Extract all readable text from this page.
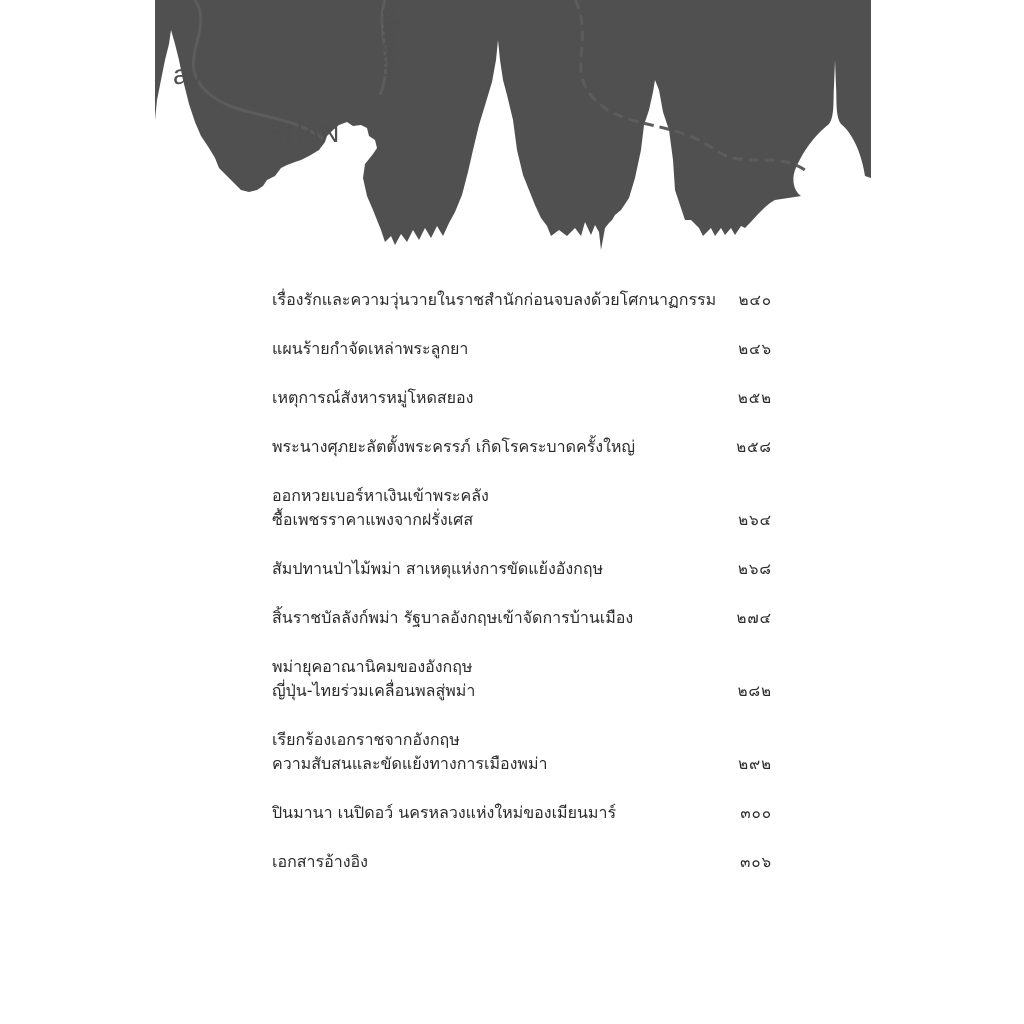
ay
SHAN
alween
เรื่องรักและความวุ่นวายในราชสำนักก่อนจบลงด้วยโศกนาฏกรรม	๒๔๐
แผนร้ายกำจัดเหล่าพระลูกยา	๒๔๖
เหตุการณ์สังหารหมู่โหดสยอง	๒๕๒
พระนางศุภยะลัตตั้งพระครรภ์ เกิดโรคระบาดครั้งใหญ่	๒๕๘
ออกหวยเบอร์หาเงินเข้าพระคลัง
ซื้อเพชรราคาแพงจากฝรั่งเศส	๒๖๔
สัมปทานป่าไม้พม่า สาเหตุแห่งการขัดแย้งอังกฤษ	๒๖๘
สิ้นราชบัลลังก์พม่า รัฐบาลอังกฤษเข้าจัดการบ้านเมือง	๒๗๔
พม่ายุคอาณานิคมของอังกฤษ
ญี่ปุ่น-ไทยร่วมเคลื่อนพลสู่พม่า	๒๘๒
เรียกร้องเอกราชจากอังกฤษ
ความสับสนและขัดแย้งทางการเมืองพม่า	๒๙๒
ปินมานา เนปิดอว์ นครหลวงแห่งใหม่ของเมียนมาร์	๓๐๐
เอกสารอ้างอิง	๓๐๖
